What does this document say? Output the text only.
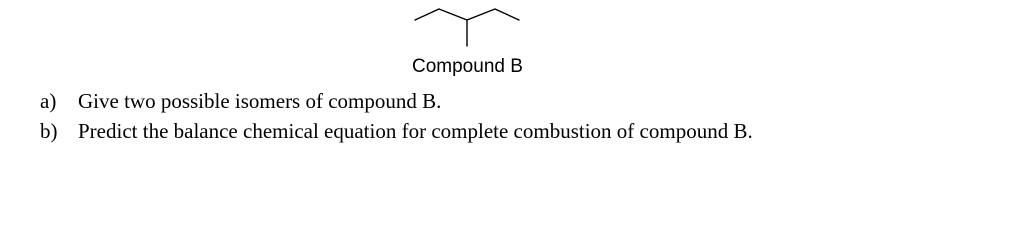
Compound B
a) Give two possible isomers of compound B.
b) Predict the balance chemical equation for complete combustion of compound B.
